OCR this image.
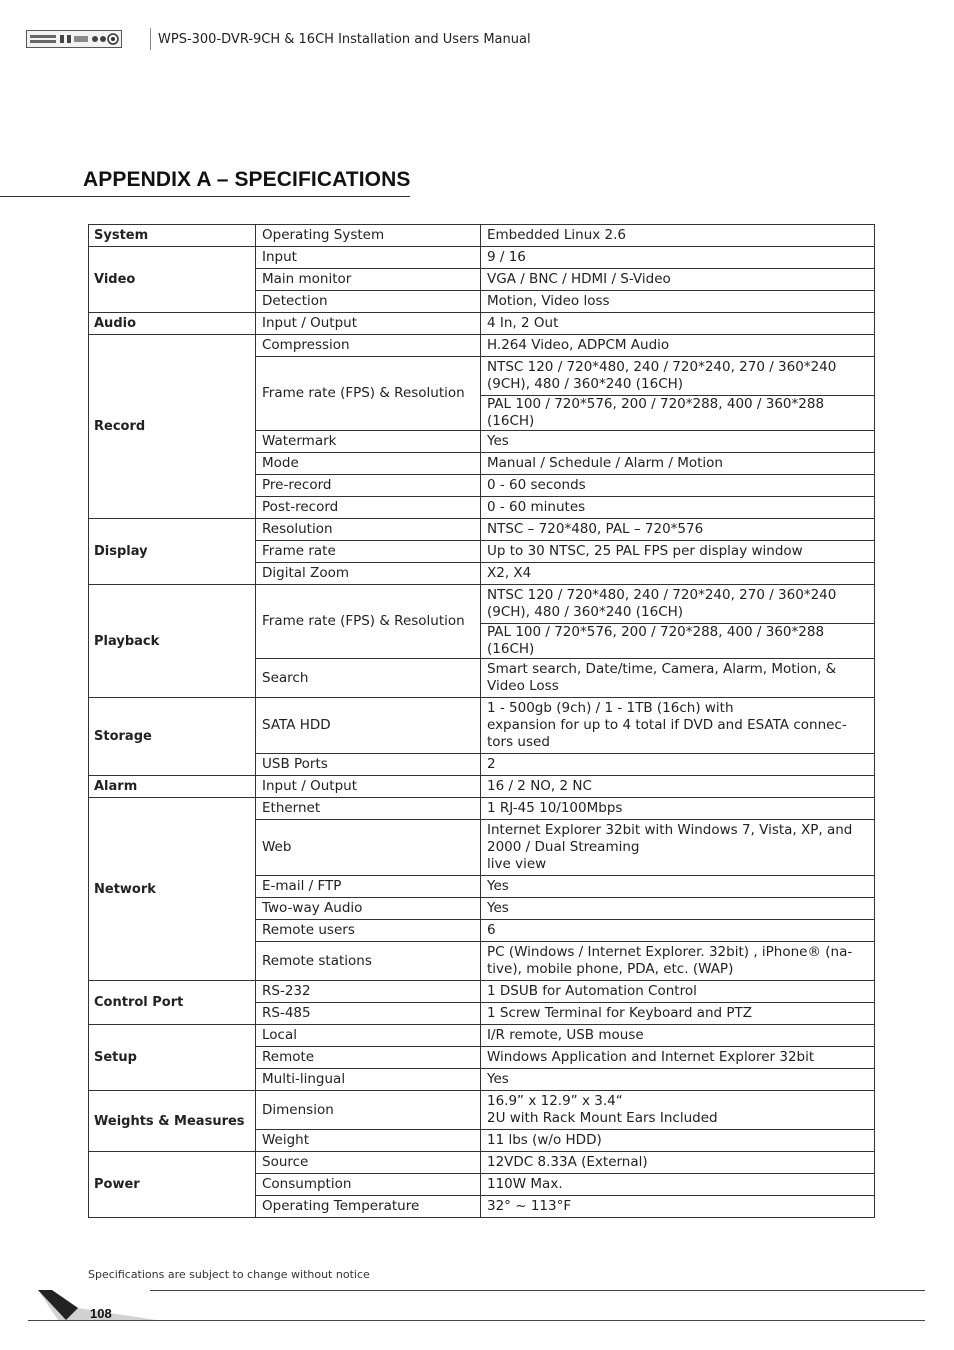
WPS-300-DVR-9CH & 16CH Installation and Users Manual
APPENDIX A – SPECIFICATIONS
System	Operating System	Embedded Linux 2.6
Video	Input	9 / 16
	Main monitor	VGA / BNC / HDMI / S-Video
	Detection	Motion, Video loss
Audio	Input / Output	4 In, 2 Out
Record	Compression	H.264 Video, ADPCM Audio
	Frame rate (FPS) & Resolution	NTSC 120 / 720*480, 240 / 720*240, 270 / 360*240 (9CH), 480 / 360*240 (16CH)
		PAL 100 / 720*576, 200 / 720*288, 400 / 360*288 (16CH)
	Watermark	Yes
	Mode	Manual / Schedule / Alarm / Motion
	Pre-record	0 - 60 seconds
	Post-record	0 - 60 minutes
Display	Resolution	NTSC – 720*480, PAL – 720*576
	Frame rate	Up to 30 NTSC, 25 PAL FPS per display window
	Digital Zoom	X2, X4
Playback	Frame rate (FPS) & Resolution	NTSC 120 / 720*480, 240 / 720*240, 270 / 360*240 (9CH), 480 / 360*240 (16CH)
		PAL 100 / 720*576, 200 / 720*288, 400 / 360*288 (16CH)
	Search	Smart search, Date/time, Camera, Alarm, Motion, & Video Loss
Storage	SATA HDD	1 - 500gb (9ch) / 1 - 1TB (16ch) with
expansion for up to 4 total if DVD and ESATA connec-tors used
	USB Ports	2
Alarm	Input / Output	16 / 2 NO, 2 NC
Network	Ethernet	1 RJ-45 10/100Mbps
	Web	Internet Explorer 32bit with Windows 7, Vista, XP, and 2000 / Dual Streaming
live view
	E-mail / FTP	Yes
	Two-way Audio	Yes
	Remote users	6
	Remote stations	PC (Windows / Internet Explorer. 32bit) , iPhone® (na-tive), mobile phone, PDA, etc. (WAP)
Control Port	RS-232	1 DSUB for Automation Control
	RS-485	1 Screw Terminal for Keyboard and PTZ
Setup	Local	I/R remote, USB mouse
	Remote	Windows Application and Internet Explorer 32bit
	Multi-lingual	Yes
Weights & Measures	Dimension	16.9” x 12.9” x 3.4“
2U with Rack Mount Ears Included
	Weight	11 lbs (w/o HDD)
Power	Source	12VDC 8.33A (External)
	Consumption	110W Max.
	Operating Temperature	32° ~ 113°F
Specifications are subject to change without notice
108
